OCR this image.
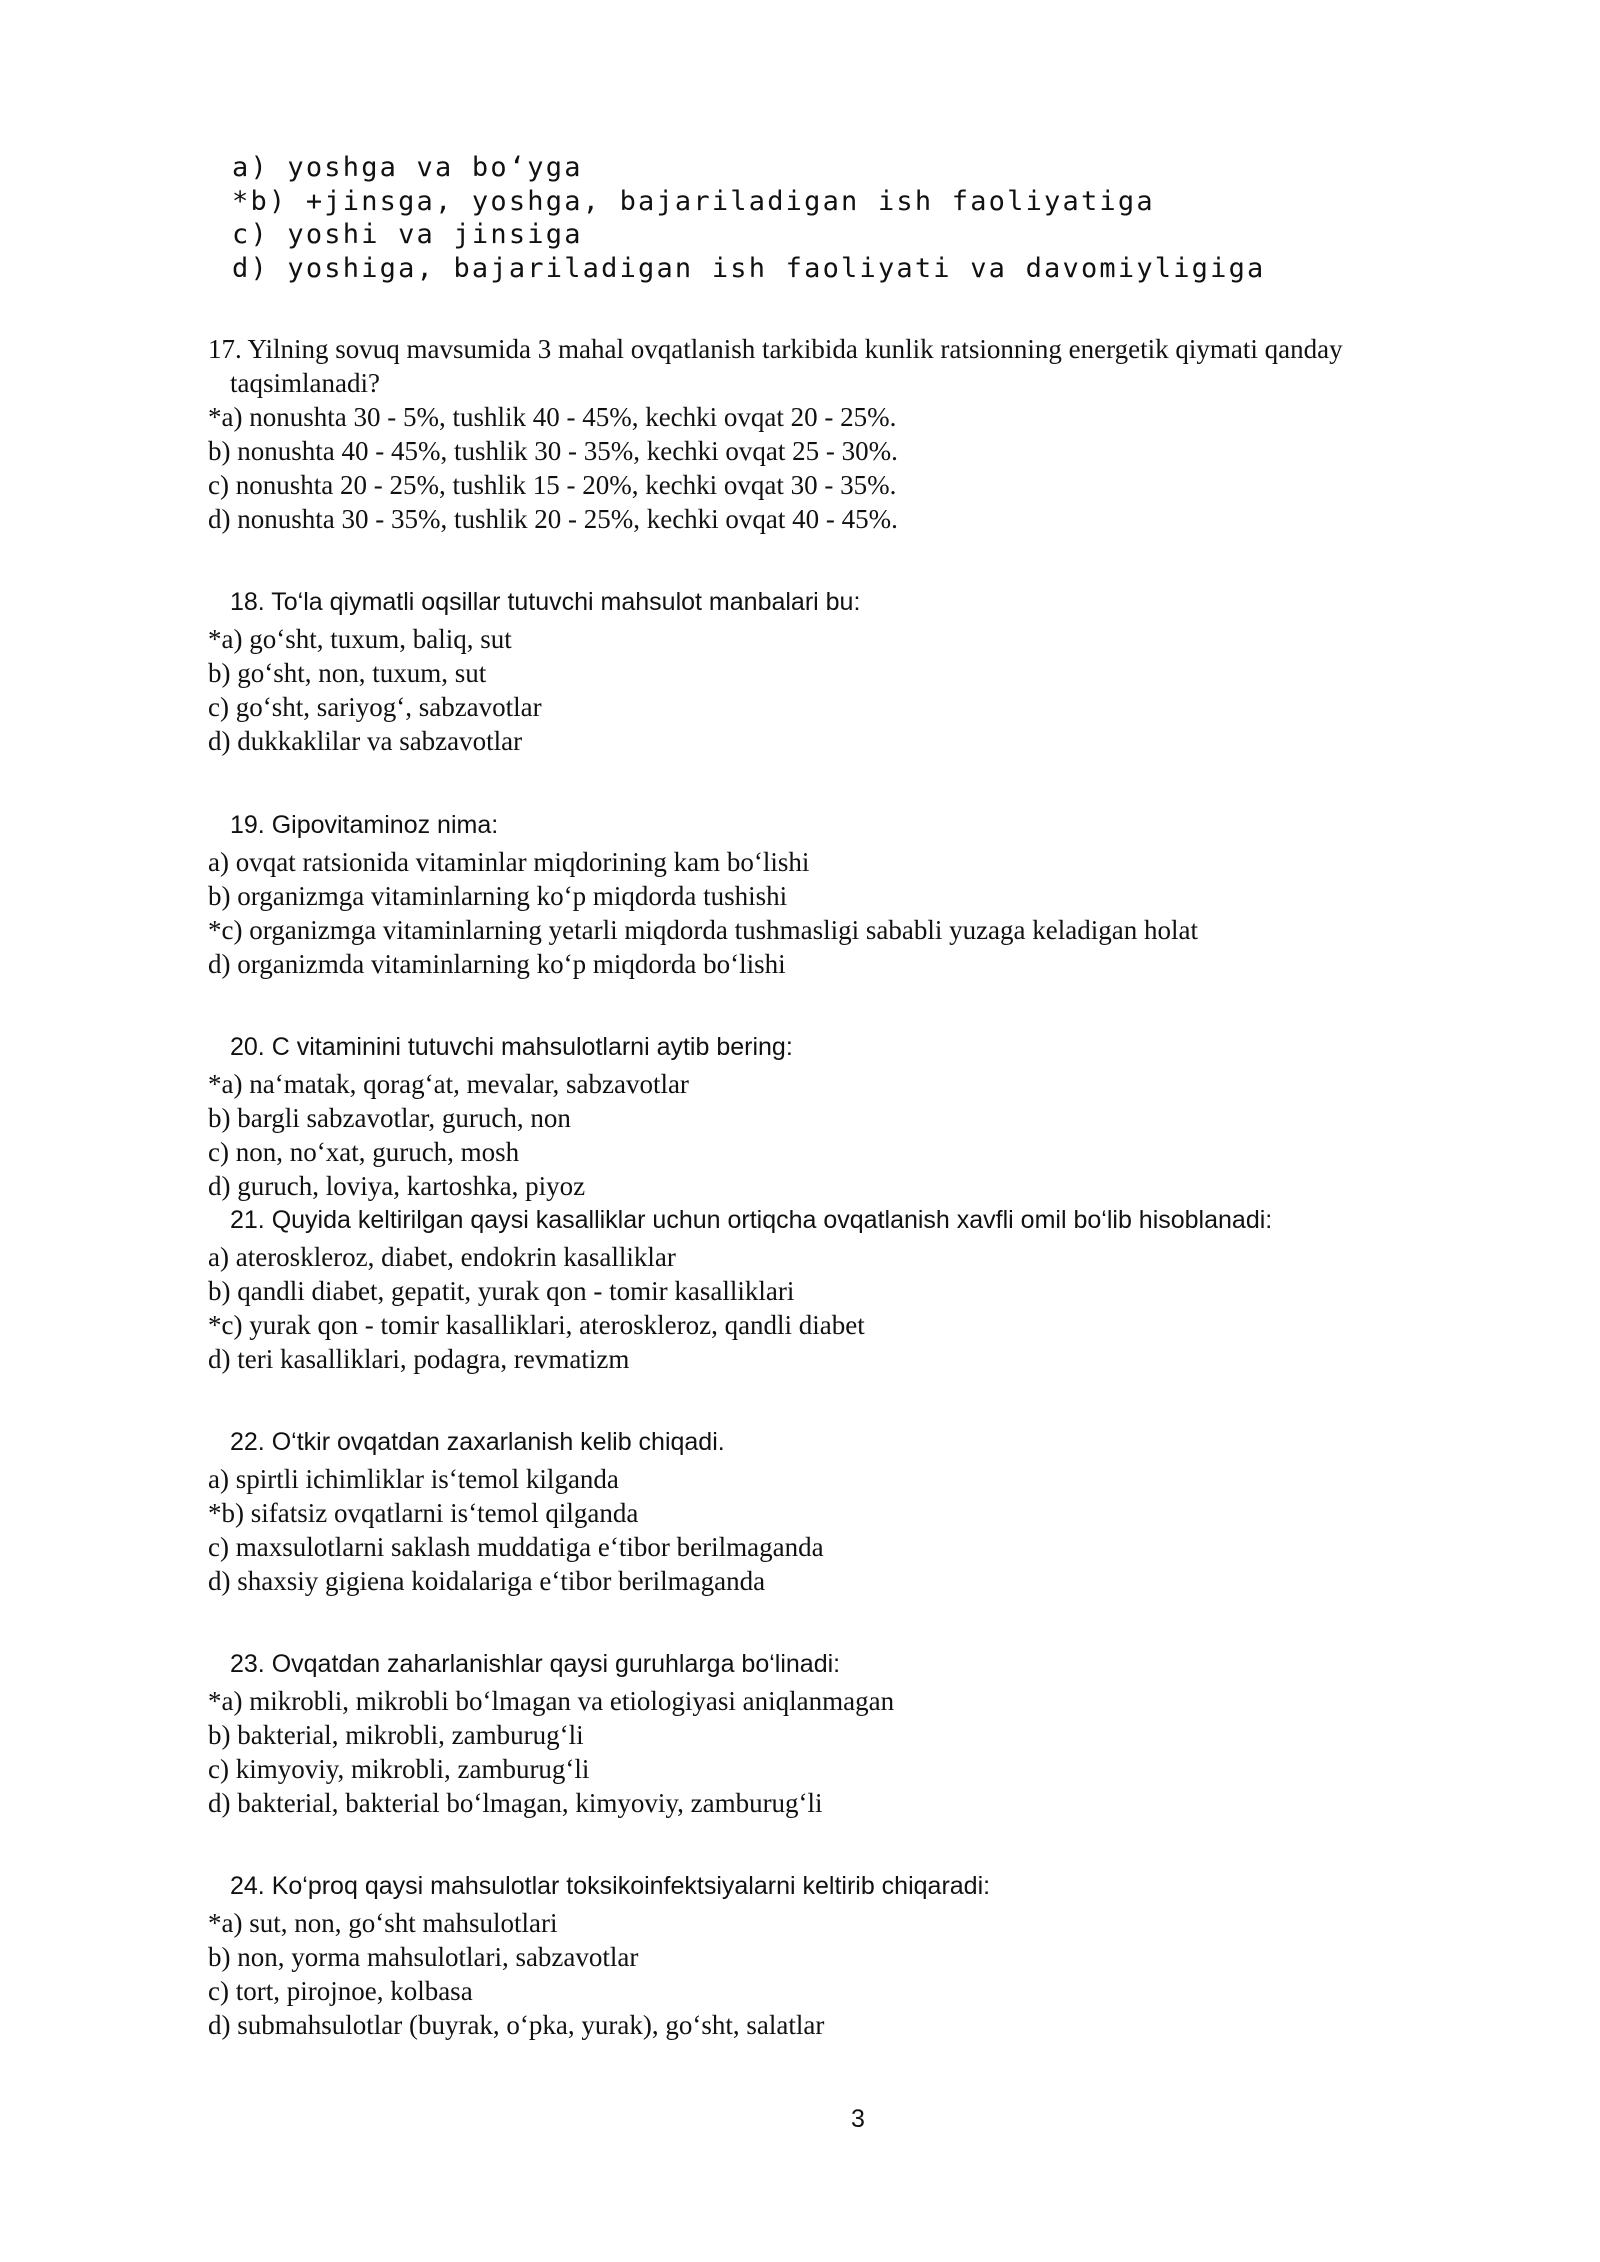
a) yoshga va bo‘yga
*b) +jinsga, yoshga, bajariladigan ish faoliyatiga
c) yoshi va jinsiga
d) yoshiga, bajariladigan ish faoliyati va davomiyligiga
17. Yilning sovuq mavsumida 3 mahal ovqatlanish tarkibida kunlik ratsionning energetik qiymati qanday
taqsimlanadi?
*a) nonushta 30 - 5%, tushlik 40 - 45%, kechki ovqat 20 - 25%.
b) nonushta 40 - 45%, tushlik 30 - 35%, kechki ovqat 25 - 30%.
c) nonushta 20 - 25%, tushlik 15 - 20%, kechki ovqat 30 - 35%.
d) nonushta 30 - 35%, tushlik 20 - 25%, kechki ovqat 40 - 45%.
18. To‘la qiymatli oqsillar tutuvchi mahsulot manbalari bu:
*a) go‘sht, tuxum, baliq, sut
b) go‘sht, non, tuxum, sut
c) go‘sht, sariyog‘, sabzavotlar
d) dukkaklilar va sabzavotlar
19. Gipovitaminoz nima:
a) ovqat ratsionida vitaminlar miqdorining kam bo‘lishi
b) organizmga vitaminlarning ko‘p miqdorda tushishi
*c) organizmga vitaminlarning yetarli miqdorda tushmasligi sababli yuzaga keladigan holat
d) organizmda vitaminlarning ko‘p miqdorda bo‘lishi
20. C vitaminini tutuvchi mahsulotlarni aytib bering:
*a) na‘matak, qorag‘at, mevalar, sabzavotlar
b) bargli sabzavotlar, guruch, non
c) non, no‘xat, guruch, mosh
d) guruch, loviya, kartoshka, piyoz
21. Quyida keltirilgan qaysi kasalliklar uchun ortiqcha ovqatlanish xavfli omil bo‘lib hisoblanadi:
a) ateroskleroz, diabet, endokrin kasalliklar
b) qandli diabet, gepatit, yurak qon - tomir kasalliklari
*c) yurak qon - tomir kasalliklari, ateroskleroz, qandli diabet
d) teri kasalliklari, podagra, revmatizm
22. O‘tkir ovqatdan zaxarlanish kelib chiqadi.
a) spirtli ichimliklar is‘temol kilganda
*b) sifatsiz ovqatlarni is‘temol qilganda
c) maxsulotlarni saklash muddatiga e‘tibor berilmaganda
d) shaxsiy gigiena koidalariga e‘tibor berilmaganda
23. Ovqatdan zaharlanishlar qaysi guruhlarga bo‘linadi:
*a) mikrobli, mikrobli bo‘lmagan va etiologiyasi aniqlanmagan
b) bakterial, mikrobli, zamburug‘li
c) kimyoviy, mikrobli, zamburug‘li
d) bakterial, bakterial bo‘lmagan, kimyoviy, zamburug‘li
24. Ko‘proq qaysi mahsulotlar toksikoinfektsiyalarni keltirib chiqaradi:
*a) sut, non, go‘sht mahsulotlari
b) non, yorma mahsulotlari, sabzavotlar
c) tort, pirojnoe, kolbasa
d) submahsulotlar (buyrak, o‘pka, yurak), go‘sht, salatlar
3
